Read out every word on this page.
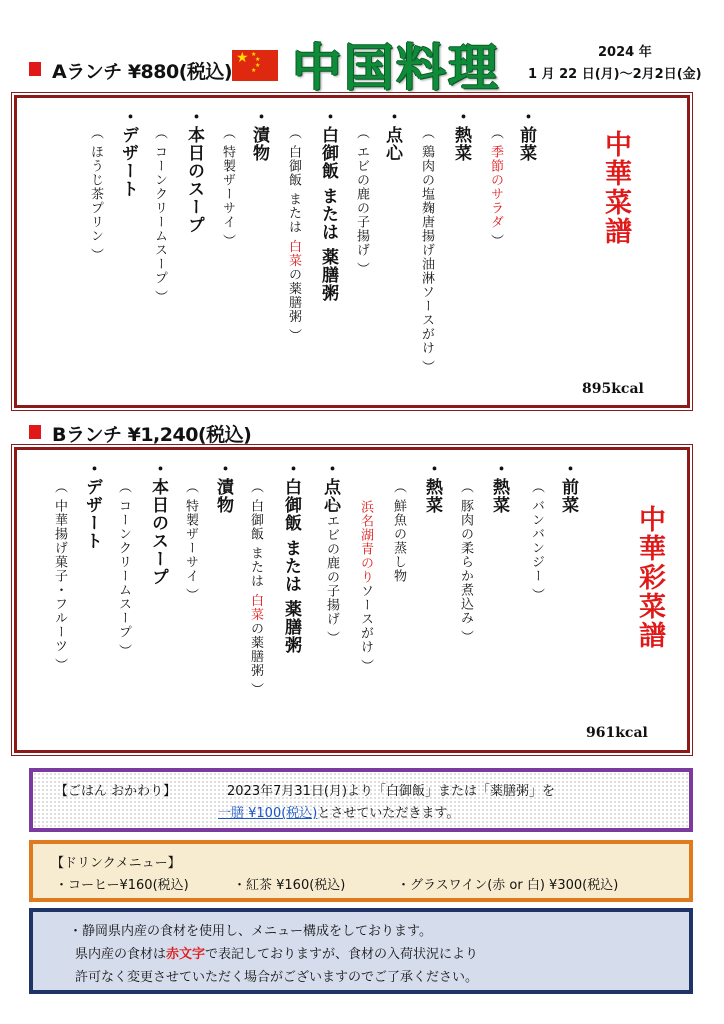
Aランチ ¥880(税込)
★ ★
★
★
★ 中国料理	2024 年
1 月 22 日(月)～2月2日(金)
中華菜譜
・前菜
（ 季節のサラダ ）
・熱菜
（ 鶏肉の塩麹唐揚げ油淋ソースがけ ）
・点心
（ エビの鹿の子揚げ ）
・白御飯 または 薬膳粥
（ 白御飯 または 白菜の薬膳粥 ）
・漬物
（ 特製ザーサイ ）
・本日のスープ
（ コーンクリームスープ ）
・デザート
（ ほうじ茶プリン ）
895kcal
Bランチ ¥1,240(税込)
中華彩菜譜
・前菜
（ バンバンジー ）
・熱菜
（ 豚肉の柔らか煮込み ）
・熱菜
（ 鮮魚の蒸し物
浜名湖青のりソースがけ ）
・点心
（ エビの鹿の子揚げ ）
・白御飯 または 薬膳粥
（ 白御飯 または 白菜の薬膳粥 ）
・漬物
（ 特製ザーサイ ）
・本日のスープ
（ コーンクリームスープ ）
・デザート
（ 中華揚げ菓子・フルーツ ）
961kcal
【ごはん おかわり】	2023年7月31日(月)より「白御飯」または「薬膳粥」を
一膳 ¥100(税込)とさせていただきます。
【ドリンクメニュー】
・コーヒー¥160(税込)	・紅茶 ¥160(税込)	・グラスワイン(赤 or 白) ¥300(税込)
・静岡県内産の食材を使用し、メニュー構成をしております。
県内産の食材は赤文字で表記しておりますが、食材の入荷状況により
許可なく変更させていただく場合がございますのでご了承ください。
